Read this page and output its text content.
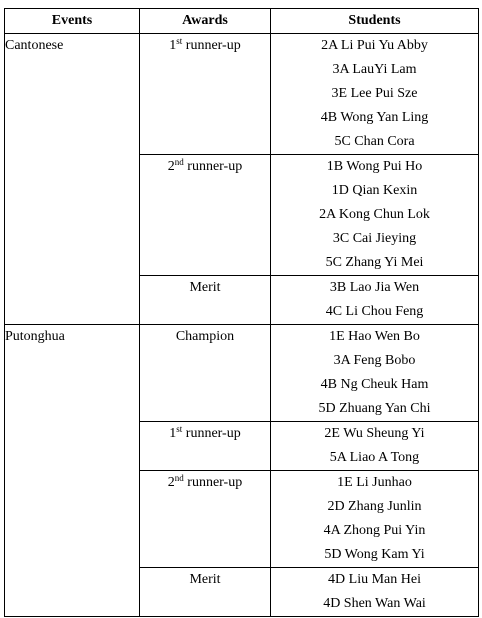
Events	Awards	Students

Cantonese	1st runner-up	2A Li Pui Yu Abby
3A LauYi Lam
3E Lee Pui Sze
4B Wong Yan Ling
5C Chan Cora

	2nd runner-up	1B Wong Pui Ho
1D Qian Kexin
2A Kong Chun Lok
3C Cai Jieying
5C Zhang Yi Mei

	Merit	3B Lao Jia Wen
4C Li Chou Feng

Putonghua	Champion	1E Hao Wen Bo
3A Feng Bobo
4B Ng Cheuk Ham
5D Zhuang Yan Chi

	1st runner-up	2E Wu Sheung Yi
5A Liao A Tong

	2nd runner-up	1E Li Junhao
2D Zhang Junlin
4A Zhong Pui Yin
5D Wong Kam Yi

	Merit	4D Liu Man Hei
4D Shen Wan Wai
